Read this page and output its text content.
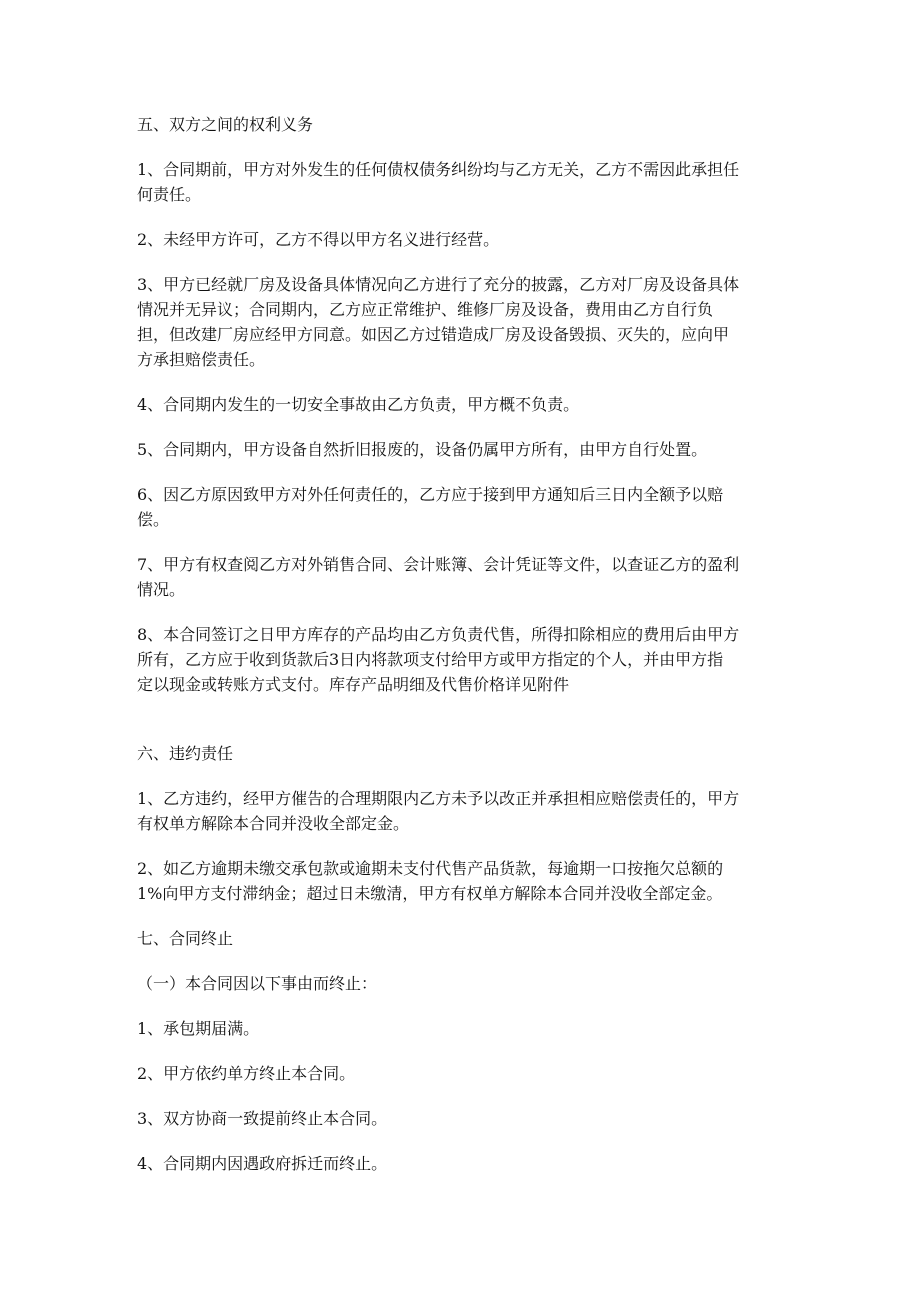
五、双方之间的权利义务

1、合同期前，甲方对外发生的任何债权债务纠纷均与乙方无关，乙方不需因此承担任
何责任。

2、未经甲方许可，乙方不得以甲方名义进行经营。

3、甲方已经就厂房及设备具体情况向乙方进行了充分的披露，乙方对厂房及设备具体
情况并无异议；合同期内，乙方应正常维护、维修厂房及设备，费用由乙方自行负
担，但改建厂房应经甲方同意。如因乙方过错造成厂房及设备毁损、灭失的，应向甲
方承担赔偿责任。

4、合同期内发生的一切安全事故由乙方负责，甲方概不负责。

5、合同期内，甲方设备自然折旧报废的，设备仍属甲方所有，由甲方自行处置。

6、因乙方原因致甲方对外任何责任的，乙方应于接到甲方通知后三日内全额予以赔
偿。

7、甲方有权查阅乙方对外销售合同、会计账簿、会计凭证等文件，以查证乙方的盈利
情况。

8、本合同签订之日甲方库存的产品均由乙方负责代售，所得扣除相应的费用后由甲方
所有，乙方应于收到货款后3日内将款项支付给甲方或甲方指定的个人，并由甲方指
定以现金或转账方式支付。库存产品明细及代售价格详见附件

六、违约责任

1、乙方违约，经甲方催告的合理期限内乙方未予以改正并承担相应赔偿责任的，甲方
有权单方解除本合同并没收全部定金。

2、如乙方逾期未缴交承包款或逾期未支付代售产品货款，每逾期一口按拖欠总额的
1%向甲方支付滞纳金；超过日未缴清，甲方有权单方解除本合同并没收全部定金。

七、合同终止

（一）本合同因以下事由而终止：

1、承包期届满。

2、甲方依约单方终止本合同。

3、双方协商一致提前终止本合同。

4、合同期内因遇政府拆迁而终止。
